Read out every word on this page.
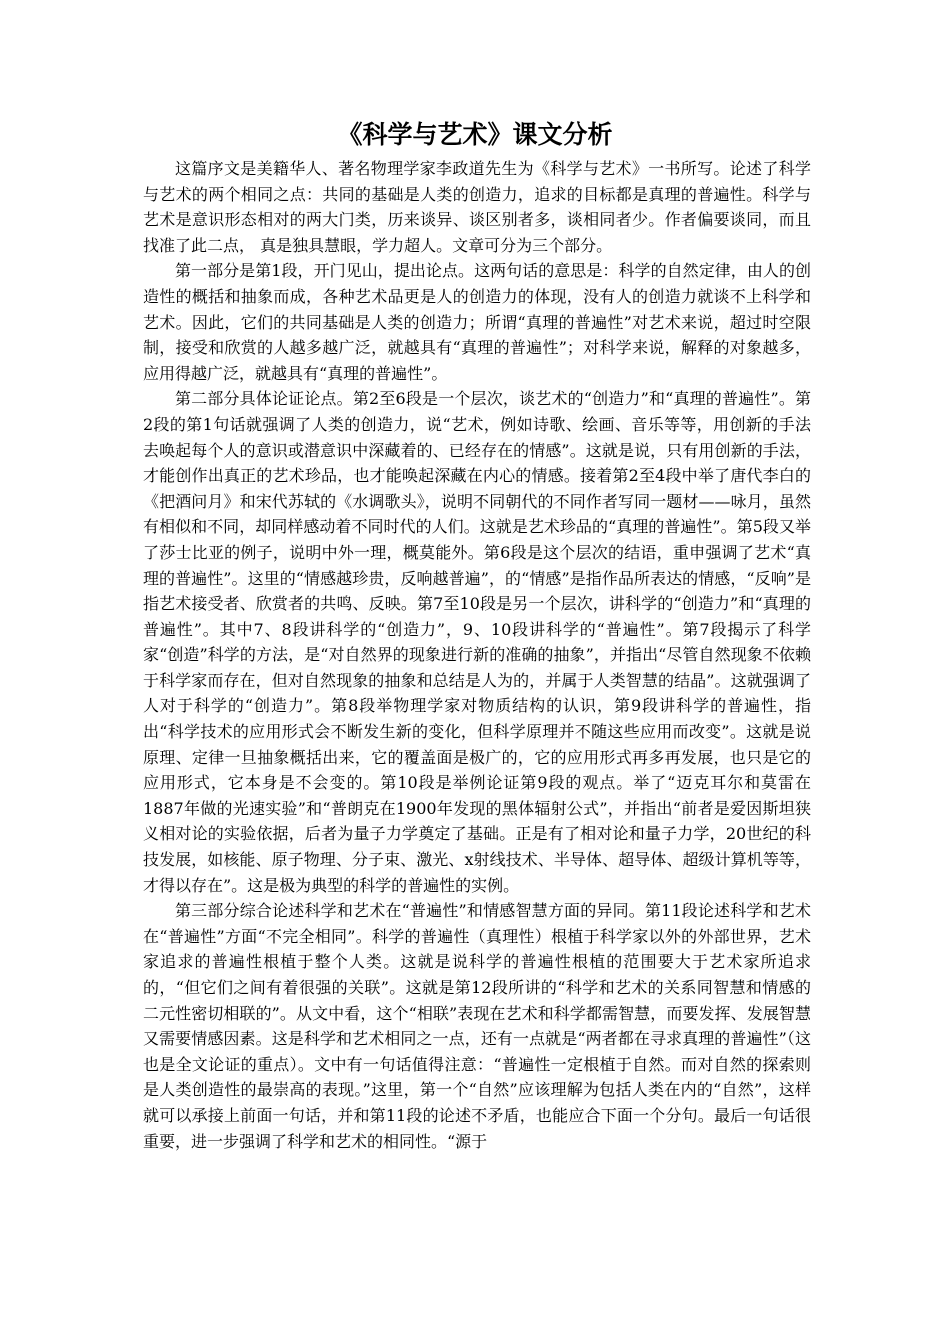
《科学与艺术》课文分析

这篇序文是美籍华人、著名物理学家李政道先生为《科学与艺术》一书所写。论述了科学与艺术的两个相同之点：共同的基础是人类的创造力，追求的目标都是真理的普遍性。科学与艺术是意识形态相对的两大门类，历来谈异、谈区别者多，谈相同者少。作者偏要谈同，而且找准了此二点， 真是独具慧眼，学力超人。文章可分为三个部分。

第一部分是第1段，开门见山，提出论点。这两句话的意思是：科学的自然定律，由人的创造性的概括和抽象而成，各种艺术品更是人的创造力的体现，没有人的创造力就谈不上科学和艺术。因此，它们的共同基础是人类的创造力；所谓“真理的普遍性”对艺术来说，超过时空限制，接受和欣赏的人越多越广泛，就越具有“真理的普遍性”；对科学来说，解释的对象越多，应用得越广泛，就越具有“真理的普遍性”。

第二部分具体论证论点。第2至6段是一个层次，谈艺术的“创造力”和“真理的普遍性”。第2段的第1句话就强调了人类的创造力，说“艺术，例如诗歌、绘画、音乐等等，用创新的手法去唤起每个人的意识或潜意识中深藏着的、已经存在的情感”。这就是说，只有用创新的手法，才能创作出真正的艺术珍品，也才能唤起深藏在内心的情感。接着第2至4段中举了唐代李白的《把酒问月》和宋代苏轼的《水调歌头》，说明不同朝代的不同作者写同一题材——咏月，虽然有相似和不同，却同样感动着不同时代的人们。这就是艺术珍品的“真理的普遍性”。第5段又举了莎士比亚的例子，说明中外一理，概莫能外。第6段是这个层次的结语，重申强调了艺术“真理的普遍性”。这里的“情感越珍贵，反响越普遍”，的“情感”是指作品所表达的情感，“反响”是指艺术接受者、欣赏者的共鸣、反映。第7至10段是另一个层次，讲科学的“创造力”和“真理的普遍性”。其中7、8段讲科学的“创造力”，9、10段讲科学的“普遍性”。第7段揭示了科学家“创造”科学的方法，是“对自然界的现象进行新的准确的抽象”，并指出“尽管自然现象不依赖于科学家而存在，但对自然现象的抽象和总结是人为的，并属于人类智慧的结晶”。这就强调了人对于科学的“创造力”。第8段举物理学家对物质结构的认识，第9段讲科学的普遍性，指出“科学技术的应用形式会不断发生新的变化，但科学原理并不随这些应用而改变”。这就是说原理、定律一旦抽象概括出来，它的覆盖面是极广的，它的应用形式再多再发展，也只是它的应用形式，它本身是不会变的。第10段是举例论证第9段的观点。举了“迈克耳尔和莫雷在1887年做的光速实验”和“普朗克在1900年发现的黑体辐射公式”，并指出“前者是爱因斯坦狭义相对论的实验依据，后者为量子力学奠定了基础。正是有了相对论和量子力学，20世纪的科技发展，如核能、原子物理、分子束、激光、x射线技术、半导体、超导体、超级计算机等等，才得以存在”。这是极为典型的科学的普遍性的实例。

第三部分综合论述科学和艺术在“普遍性”和情感智慧方面的异同。第11段论述科学和艺术在“普遍性”方面“不完全相同”。科学的普遍性（真理性）根植于科学家以外的外部世界，艺术家追求的普遍性根植于整个人类。这就是说科学的普遍性根植的范围要大于艺术家所追求的，“但它们之间有着很强的关联”。这就是第12段所讲的“科学和艺术的关系同智慧和情感的二元性密切相联的”。从文中看，这个“相联”表现在艺术和科学都需智慧，而要发挥、发展智慧又需要情感因素。这是科学和艺术相同之一点，还有一点就是“两者都在寻求真理的普遍性”（这也是全文论证的重点）。文中有一句话值得注意：“普遍性一定根植于自然。而对自然的探索则是人类创造性的最崇高的表现。”这里，第一个“自然”应该理解为包括人类在内的“自然”，这样就可以承接上前面一句话，并和第11段的论述不矛盾，也能应合下面一个分句。最后一句话很重要，进一步强调了科学和艺术的相同性。“源于
